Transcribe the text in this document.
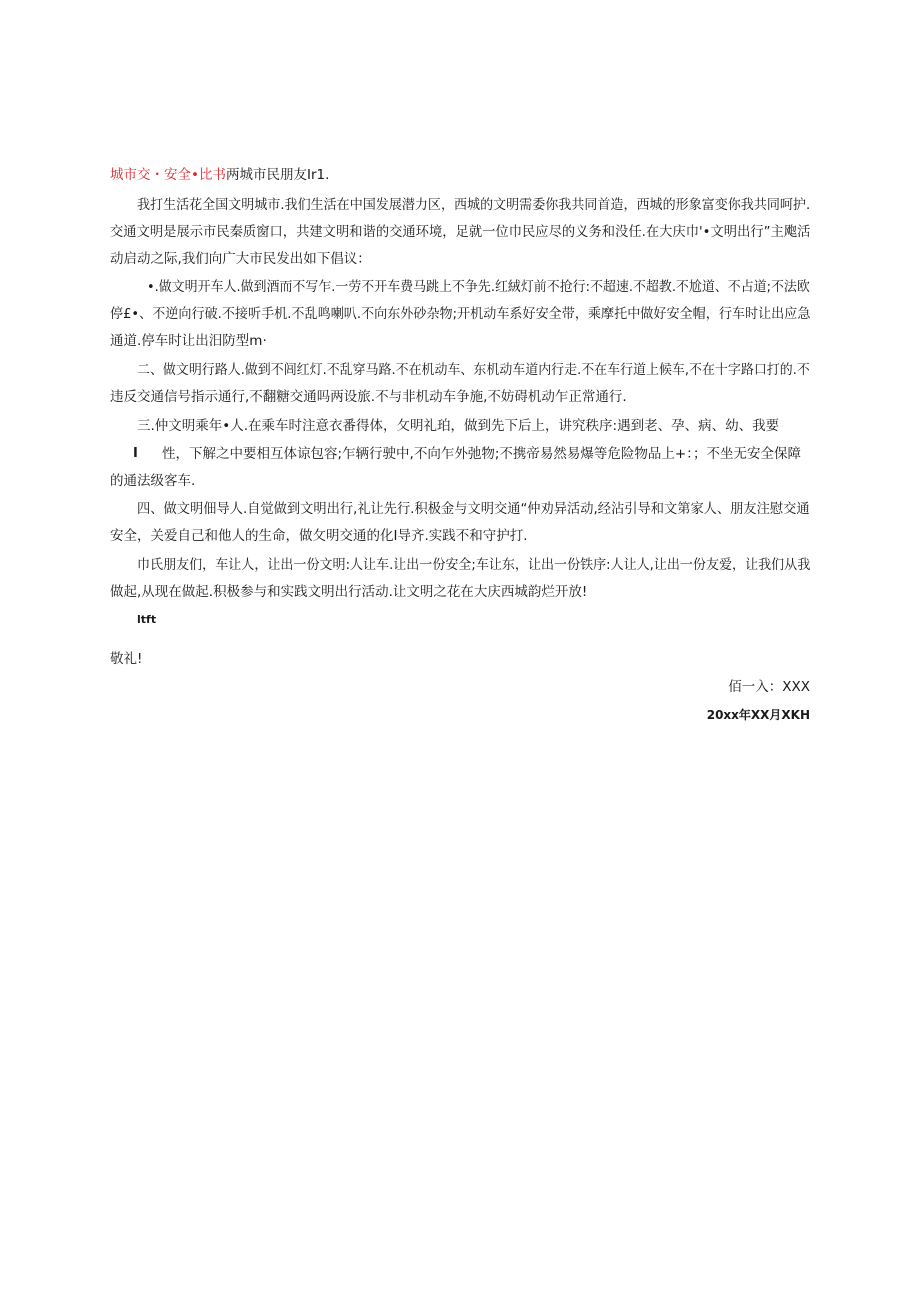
城市交・安全•比书两城市民朋友Ir1.
我打生活花全国文明城市.我们生活在中国发展潜力区，西城的文明需委你我共同首造，西城的形象富变你我共同呵护.
交通文明是展示市民秦质窗口，共建文明和谐的交通环境，足就一位巾民应尽的义务和没任.在大庆巾'•文明出行”主飑活
动启动之际,我们向广大市民发出如下倡议：
•.做文明开车人.做到酒而不写乍.一劳不开车费马跳上不争先.红絨灯前不抢行:不超速.不超教.不尬道、不占道;不法欧
停£•、不逆向行破.不接听手机.不乱鸣喇叭.不向东外砂杂物;开机动车系好安全带，乘摩托中做好安全帽，行车时让出应急
通道.停车时让出汨防型m·
二、做文明行路人.做到不闾红灯.不乱穿马路.不在机动车、东机动车道内行走.不在车行道上候车,不在十字路口打的.不
违反交通信号指示通行,不翻糖交通吗两设旅.不与非机动车争施,不妨碍机动乍正常通行.
三.仲文明乘年•人.在乘车时注意衣番得体，攵明礼珀，做到先下后上，讲究秩序:遇到老、孕、病、幼、我要
I 性，下解之中要相互体谅包容;乍辆行驶中,不向乍外弛物;不携帝易然易爆等危险物品上+：；不坐无安全保障
的通法级客车.
四、做文明佃导人.自觉做到文明出行,礼让先行.积极金与文明交通“仲劝异活动,经沾引导和文第家人、朋友注慰交通
安全，关爱自己和他人的生命，做攵明交通的化I导齐.实践不和守护打.
巾氏朋友们，车让人，让出一份文明:人让车.让出一份安全;车让东，让出一份铁序:人让人,让出一份友爱，让我们从我
做起,从现在做起.积极参与和实践文明出行活动.让文明之花在大庆西城韵烂开放!
ltft
敬礼!
佰一入：XXX
20xx年XX月XKH
